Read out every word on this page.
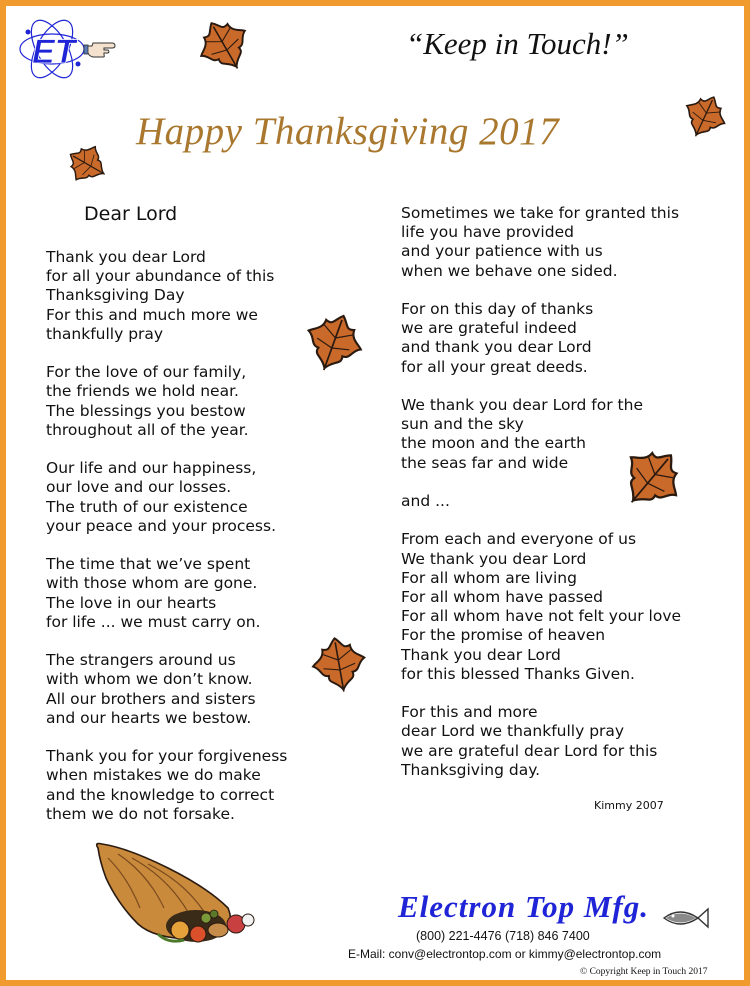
ET	“Keep in Touch!”
Happy Thanksgiving 2017
Dear Lord
Thank you dear Lord
for all your abundance of this
Thanksgiving Day
For this and much more we
thankfully pray

For the love of our family,
the friends we hold near.
The blessings you bestow
throughout all of the year.

Our life and our happiness,
our love and our losses.
The truth of our existence
your peace and your process.

The time that we’ve spent
with those whom are gone.
The love in our hearts
for life ... we must carry on.

The strangers around us
with whom we don’t know.
All our brothers and sisters
and our hearts we bestow.

Thank you for your forgiveness
when mistakes we do make
and the knowledge to correct
them we do not forsake.
Sometimes we take for granted this
life you have provided
and your patience with us
when we behave one sided.

For on this day of thanks
we are grateful indeed
and thank you dear Lord
for all your great deeds.

We thank you dear Lord for the
sun and the sky
the moon and the earth
the seas far and wide

and ...

From each and everyone of us
We thank you dear Lord
For all whom are living
For all whom have passed
For all whom have not felt your love
For the promise of heaven
Thank you dear Lord
for this blessed Thanks Given.

For this and more
dear Lord we thankfully pray
we are grateful dear Lord for this
Thanksgiving day.
Kimmy 2007
Electron Top Mfg.
(800) 221-4476 (718) 846 7400
E-Mail: conv@electrontop.com or kimmy@electrontop.com
© Copyright Keep in Touch 2017
